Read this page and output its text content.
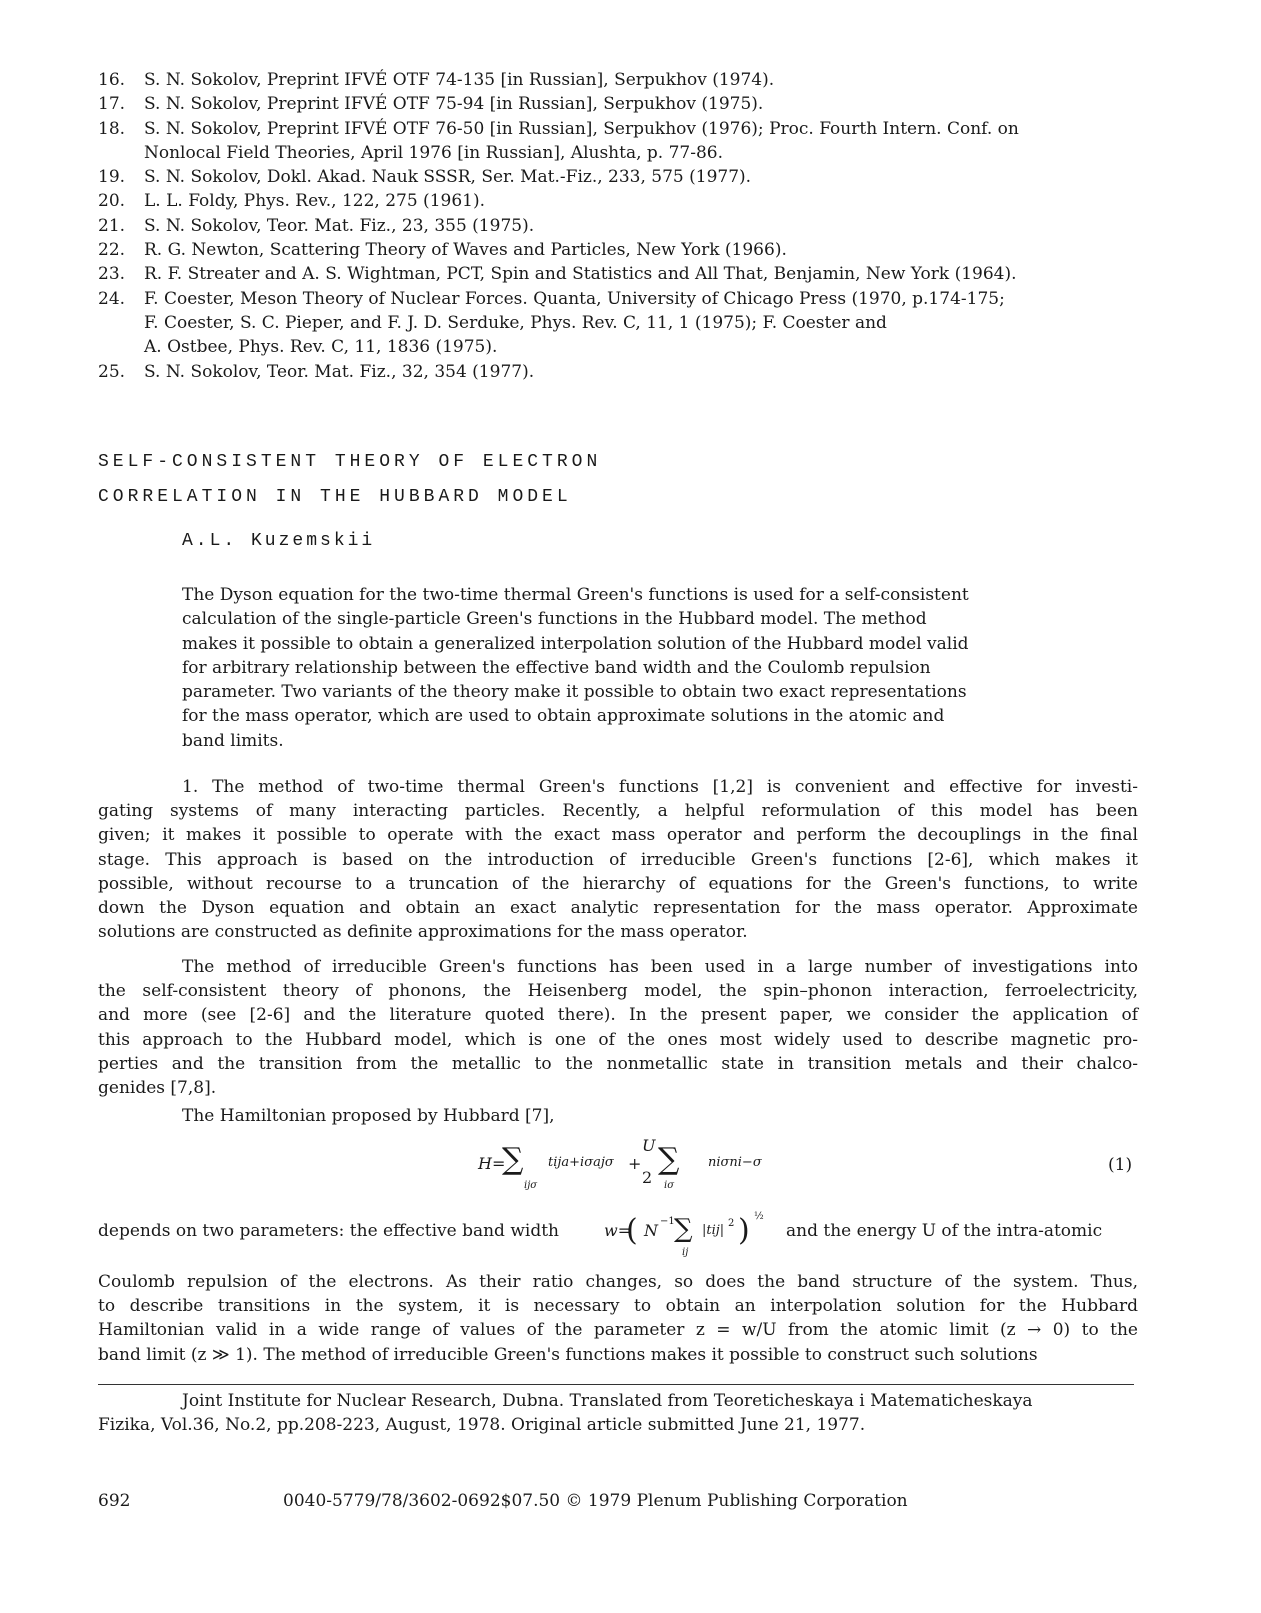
16. S. N. Sokolov, Preprint IFVÉ OTF 74-135 [in Russian], Serpukhov (1974).
17. S. N. Sokolov, Preprint IFVÉ OTF 75-94 [in Russian], Serpukhov (1975).
18. S. N. Sokolov, Preprint IFVÉ OTF 76-50 [in Russian], Serpukhov (1976); Proc. Fourth Intern. Conf. on
Nonlocal Field Theories, April 1976 [in Russian], Alushta, p. 77-86.
19. S. N. Sokolov, Dokl. Akad. Nauk SSSR, Ser. Mat.-Fiz., 233, 575 (1977).
20. L. L. Foldy, Phys. Rev., 122, 275 (1961).
21. S. N. Sokolov, Teor. Mat. Fiz., 23, 355 (1975).
22. R. G. Newton, Scattering Theory of Waves and Particles, New York (1966).
23. R. F. Streater and A. S. Wightman, PCT, Spin and Statistics and All That, Benjamin, New York (1964).
24. F. Coester, Meson Theory of Nuclear Forces. Quanta, University of Chicago Press (1970, p.174-175;
F. Coester, S. C. Pieper, and F. J. D. Serduke, Phys. Rev. C, 11, 1 (1975); F. Coester and
A. Ostbee, Phys. Rev. C, 11, 1836 (1975).
25. S. N. Sokolov, Teor. Mat. Fiz., 32, 354 (1977).
SELF-CONSISTENT THEORY OF ELECTRON
CORRELATION IN THE HUBBARD MODEL
A.L. Kuzemskii
The Dyson equation for the two-time thermal Green's functions is used for a self-consistent
calculation of the single-particle Green's functions in the Hubbard model. The method
makes it possible to obtain a generalized interpolation solution of the Hubbard model valid
for arbitrary relationship between the effective band width and the Coulomb repulsion
parameter. Two variants of the theory make it possible to obtain two exact representations
for the mass operator, which are used to obtain approximate solutions in the atomic and
band limits.
1. The method of two-time thermal Green's functions [1,2] is convenient and effective for investi-
gating systems of many interacting particles. Recently, a helpful reformulation of this model has been
given; it makes it possible to operate with the exact mass operator and perform the decouplings in the final
stage. This approach is based on the introduction of irreducible Green's functions [2-6], which makes it
possible, without recourse to a truncation of the hierarchy of equations for the Green's functions, to write
down the Dyson equation and obtain an exact analytic representation for the mass operator. Approximate
solutions are constructed as definite approximations for the mass operator.
The method of irreducible Green's functions has been used in a large number of investigations into
the self-consistent theory of phonons, the Heisenberg model, the spin–phonon interaction, ferroelectricity,
and more (see [2-6] and the literature quoted there). In the present paper, we consider the application of
this approach to the Hubbard model, which is one of the ones most widely used to describe magnetic pro-
perties and the transition from the metallic to the nonmetallic state in transition metals and their chalco-
genides [7,8].
The Hamiltonian proposed by Hubbard [7],
H=
∑
ijσ
tija+iσajσ +
U
2
∑
iσ
niσni−σ	(1)
depends on two parameters: the effective band width	w=
( N −1 ∑
ij
|tij| 2 ) ½
and the energy U of the intra-atomic
Coulomb repulsion of the electrons. As their ratio changes, so does the band structure of the system. Thus,
to describe transitions in the system, it is necessary to obtain an interpolation solution for the Hubbard
Hamiltonian valid in a wide range of values of the parameter z = w/U from the atomic limit (z → 0) to the
band limit (z ≫ 1). The method of irreducible Green's functions makes it possible to construct such solutions
Joint Institute for Nuclear Research, Dubna. Translated from Teoreticheskaya i Matematicheskaya
Fizika, Vol.36, No.2, pp.208-223, August, 1978. Original article submitted June 21, 1977.
692	0040-5779/78/3602-0692$07.50 © 1979 Plenum Publishing Corporation
